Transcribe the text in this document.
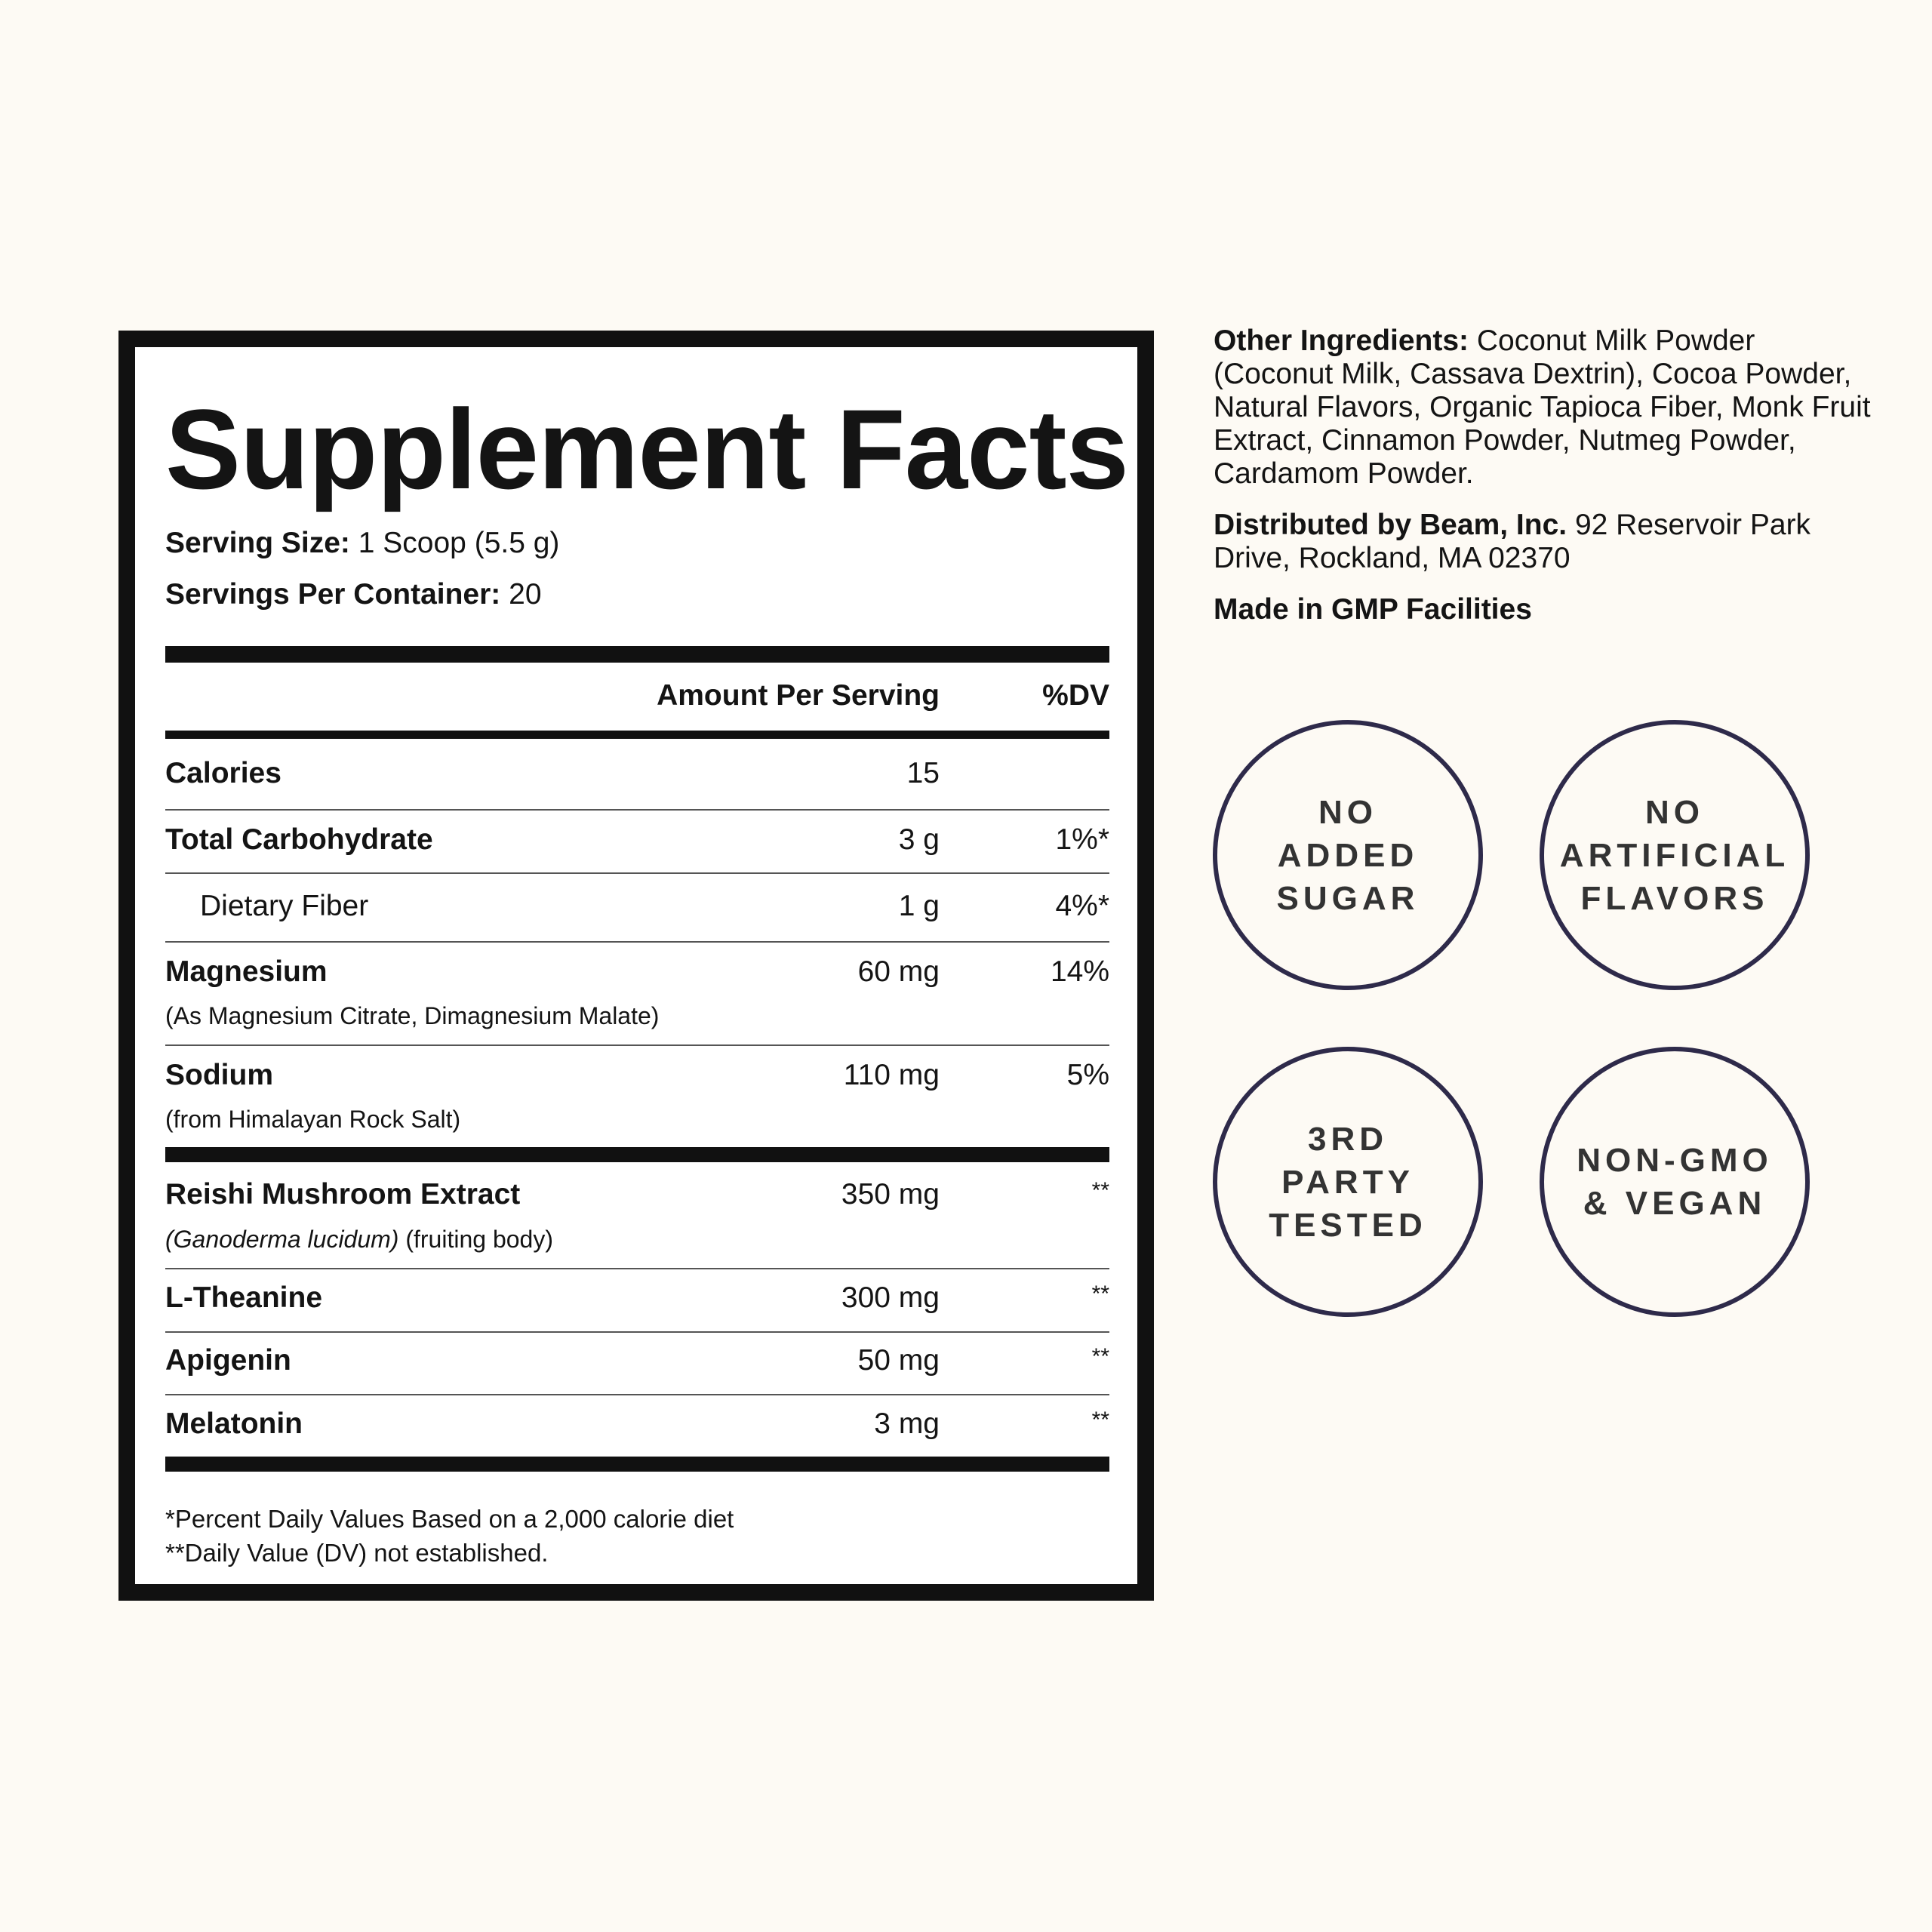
Supplement Facts
Serving Size: 1 Scoop (5.5 g)
Servings Per Container: 20
Amount Per Serving	%DV
Calories	15
Total Carbohydrate	3 g	1%*
Dietary Fiber	1 g	4%*
Magnesium	60 mg	14%
(As Magnesium Citrate, Dimagnesium Malate)
Sodium	110 mg	5%
(from Himalayan Rock Salt)
Reishi Mushroom Extract	350 mg	**
(Ganoderma lucidum) (fruiting body)
L-Theanine	300 mg	**
Apigenin	50 mg	**
Melatonin	3 mg	**
*Percent Daily Values Based on a 2,000 calorie diet
**Daily Value (DV) not established.

Other Ingredients: Coconut Milk Powder (Coconut Milk, Cassava Dextrin), Cocoa Powder, Natural Flavors, Organic Tapioca Fiber, Monk Fruit Extract, Cinnamon Powder, Nutmeg Powder, Cardamom Powder.

Distributed by Beam, Inc. 92 Reservoir Park Drive, Rockland, MA 02370

Made in GMP Facilities

NO
ADDED
SUGAR
NO
ARTIFICIAL
FLAVORS
3RD
PARTY
TESTED
NON-GMO
& VEGAN
